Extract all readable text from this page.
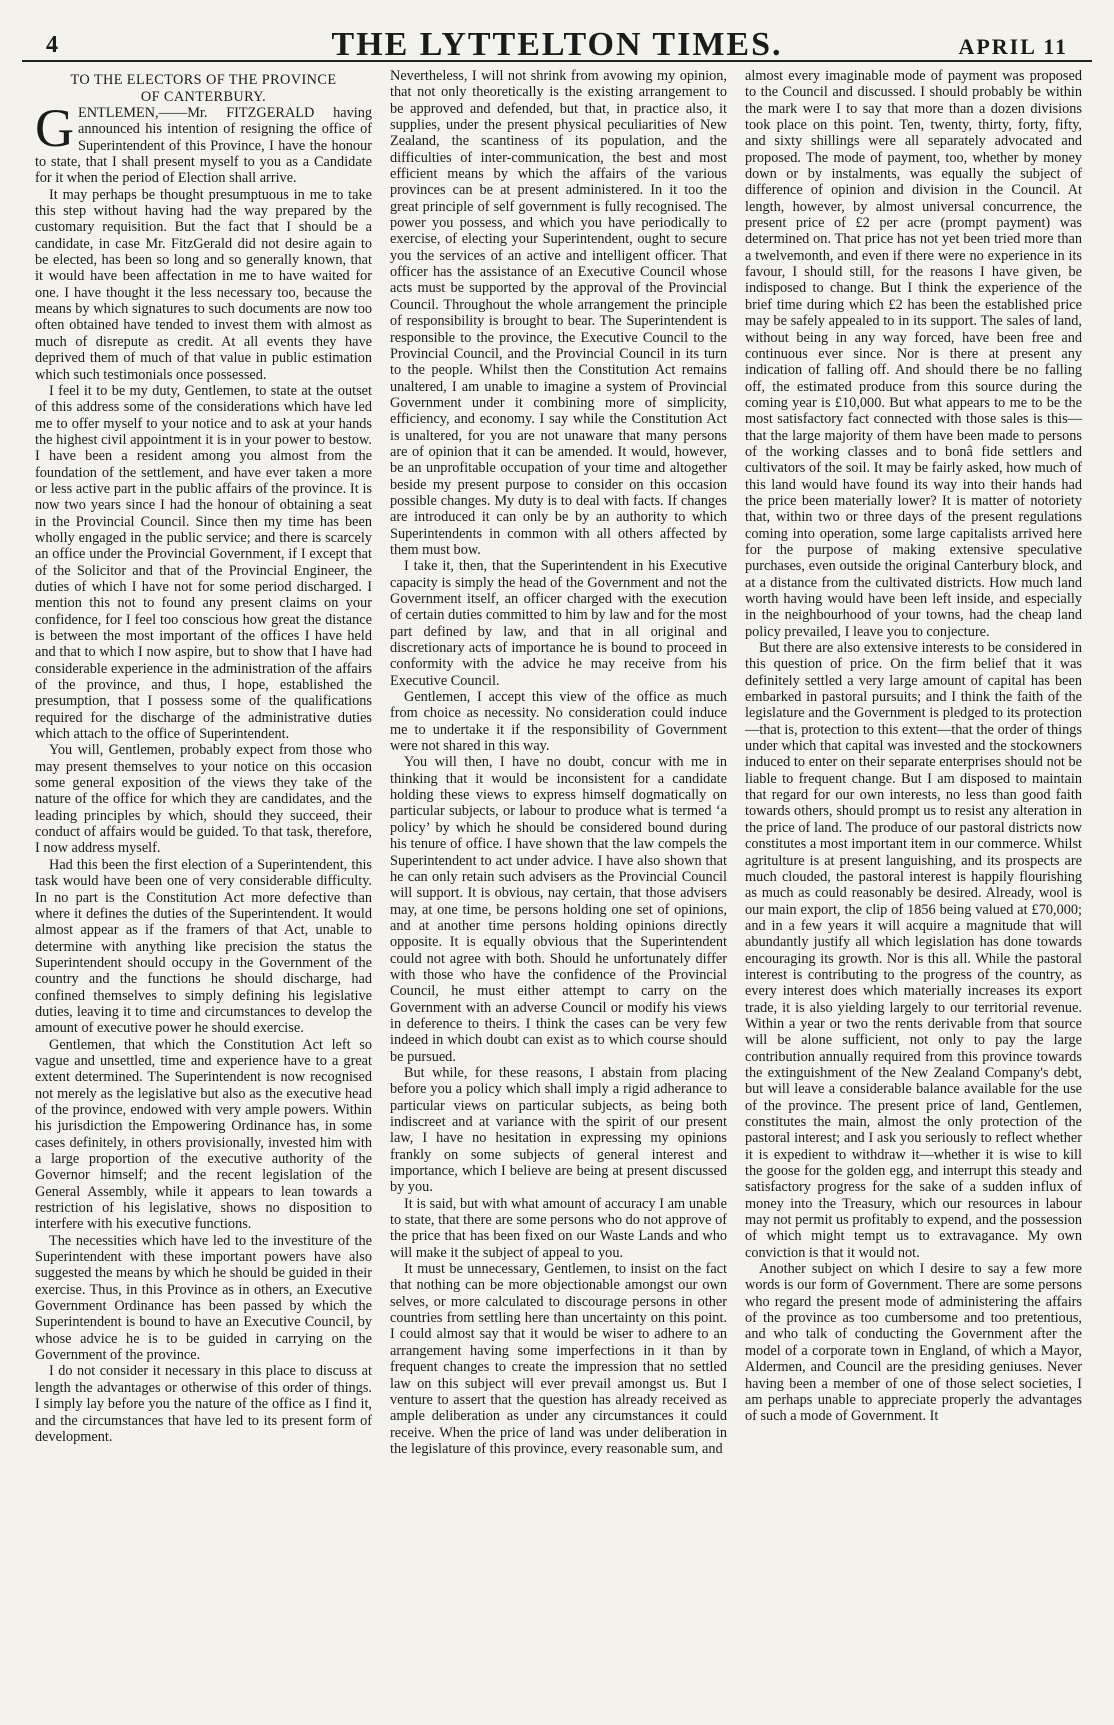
4	THE LYTTELTON TIMES.	APRIL 11
TO THE ELECTORS OF THE PROVINCE
OF CANTERBURY.

GENTLEMEN,——Mr. FITZGERALD having announced his intention of resigning the office of Superintendent of this Province, I have the honour to state, that I shall present myself to you as a Candidate for it when the period of Election shall arrive.

It may perhaps be thought presumptuous in me to take this step without having had the way prepared by the customary requisition. But the fact that I should be a candidate, in case Mr. FitzGerald did not desire again to be elected, has been so long and so generally known, that it would have been affectation in me to have waited for one. I have thought it the less necessary too, because the means by which signatures to such documents are now too often obtained have tended to invest them with almost as much of disrepute as credit. At all events they have deprived them of much of that value in public estimation which such testimonials once possessed.

I feel it to be my duty, Gentlemen, to state at the outset of this address some of the considerations which have led me to offer myself to your notice and to ask at your hands the highest civil appointment it is in your power to bestow. I have been a resident among you almost from the foundation of the settlement, and have ever taken a more or less active part in the public affairs of the province. It is now two years since I had the honour of obtaining a seat in the Provincial Council. Since then my time has been wholly engaged in the public service; and there is scarcely an office under the Provincial Government, if I except that of the Solicitor and that of the Provincial Engineer, the duties of which I have not for some period discharged. I mention this not to found any present claims on your confidence, for I feel too conscious how great the distance is between the most important of the offices I have held and that to which I now aspire, but to show that I have had considerable experience in the administration of the affairs of the province, and thus, I hope, established the presumption, that I possess some of the qualifications required for the discharge of the administrative duties which attach to the office of Superintendent.

You will, Gentlemen, probably expect from those who may present themselves to your notice on this occasion some general exposition of the views they take of the nature of the office for which they are candidates, and the leading principles by which, should they succeed, their conduct of affairs would be guided. To that task, therefore, I now address myself.

Had this been the first election of a Superintendent, this task would have been one of very considerable difficulty. In no part is the Constitution Act more defective than where it defines the duties of the Superintendent. It would almost appear as if the framers of that Act, unable to determine with anything like precision the status the Superintendent should occupy in the Government of the country and the functions he should discharge, had confined themselves to simply defining his legislative duties, leaving it to time and circumstances to develop the amount of executive power he should exercise.

Gentlemen, that which the Constitution Act left so vague and unsettled, time and experience have to a great extent determined. The Superintendent is now recognised not merely as the legislative but also as the executive head of the province, endowed with very ample powers. Within his jurisdiction the Empowering Ordinance has, in some cases definitely, in others provisionally, invested him with a large proportion of the executive authority of the Governor himself; and the recent legislation of the General Assembly, while it appears to lean towards a restriction of his legislative, shows no disposition to interfere with his executive functions.

The necessities which have led to the investiture of the Superintendent with these important powers have also suggested the means by which he should be guided in their exercise. Thus, in this Province as in others, an Executive Government Ordinance has been passed by which the Superintendent is bound to have an Executive Council, by whose advice he is to be guided in carrying on the Government of the province.

I do not consider it necessary in this place to discuss at length the advantages or otherwise of this order of things. I simply lay before you the nature of the office as I find it, and the circumstances that have led to its present form of development.

Nevertheless, I will not shrink from avowing my opinion, that not only theoretically is the existing arrangement to be approved and defended, but that, in practice also, it supplies, under the present physical peculiarities of New Zealand, the scantiness of its population, and the difficulties of inter-communication, the best and most efficient means by which the affairs of the various provinces can be at present administered. In it too the great principle of self government is fully recognised. The power you possess, and which you have periodically to exercise, of electing your Superintendent, ought to secure you the services of an active and intelligent officer. That officer has the assistance of an Executive Council whose acts must be supported by the approval of the Provincial Council. Throughout the whole arrangement the principle of responsibility is brought to bear. The Superintendent is responsible to the province, the Executive Council to the Provincial Council, and the Provincial Council in its turn to the people. Whilst then the Constitution Act remains unaltered, I am unable to imagine a system of Provincial Government under it combining more of simplicity, efficiency, and economy. I say while the Constitution Act is unaltered, for you are not unaware that many persons are of opinion that it can be amended. It would, however, be an unprofitable occupation of your time and altogether beside my present purpose to consider on this occasion possible changes. My duty is to deal with facts. If changes are introduced it can only be by an authority to which Superintendents in common with all others affected by them must bow.

I take it, then, that the Superintendent in his Executive capacity is simply the head of the Government and not the Government itself, an officer charged with the execution of certain duties committed to him by law and for the most part defined by law, and that in all original and discretionary acts of importance he is bound to proceed in conformity with the advice he may receive from his Executive Council.

Gentlemen, I accept this view of the office as much from choice as necessity. No consideration could induce me to undertake it if the responsibility of Government were not shared in this way.

You will then, I have no doubt, concur with me in thinking that it would be inconsistent for a candidate holding these views to express himself dogmatically on particular subjects, or labour to produce what is termed ‘a policy’ by which he should be considered bound during his tenure of office. I have shown that the law compels the Superintendent to act under advice. I have also shown that he can only retain such advisers as the Provincial Council will support. It is obvious, nay certain, that those advisers may, at one time, be persons holding one set of opinions, and at another time persons holding opinions directly opposite. It is equally obvious that the Superintendent could not agree with both. Should he unfortunately differ with those who have the confidence of the Provincial Council, he must either attempt to carry on the Government with an adverse Council or modify his views in deference to theirs. I think the cases can be very few indeed in which doubt can exist as to which course should be pursued.

But while, for these reasons, I abstain from placing before you a policy which shall imply a rigid adherance to particular views on particular subjects, as being both indiscreet and at variance with the spirit of our present law, I have no hesitation in expressing my opinions frankly on some subjects of general interest and importance, which I believe are being at present discussed by you.

It is said, but with what amount of accuracy I am unable to state, that there are some persons who do not approve of the price that has been fixed on our Waste Lands and who will make it the subject of appeal to you.

It must be unnecessary, Gentlemen, to insist on the fact that nothing can be more objectionable amongst our own selves, or more calculated to discourage persons in other countries from settling here than uncertainty on this point. I could almost say that it would be wiser to adhere to an arrangement having some imperfections in it than by frequent changes to create the impression that no settled law on this subject will ever prevail amongst us. But I venture to assert that the question has already received as ample deliberation as under any circumstances it could receive. When the price of land was under deliberation in the legislature of this province, every reasonable sum, and

almost every imaginable mode of payment was proposed to the Council and discussed. I should probably be within the mark were I to say that more than a dozen divisions took place on this point. Ten, twenty, thirty, forty, fifty, and sixty shillings were all separately advocated and proposed. The mode of payment, too, whether by money down or by instalments, was equally the subject of difference of opinion and division in the Council. At length, however, by almost universal concurrence, the present price of £2 per acre (prompt payment) was determined on. That price has not yet been tried more than a twelvemonth, and even if there were no experience in its favour, I should still, for the reasons I have given, be indisposed to change. But I think the experience of the brief time during which £2 has been the established price may be safely appealed to in its support. The sales of land, without being in any way forced, have been free and continuous ever since. Nor is there at present any indication of falling off. And should there be no falling off, the estimated produce from this source during the coming year is £10,000. But what appears to me to be the most satisfactory fact connected with those sales is this—that the large majority of them have been made to persons of the working classes and to bonâ fide settlers and cultivators of the soil. It may be fairly asked, how much of this land would have found its way into their hands had the price been materially lower? It is matter of notoriety that, within two or three days of the present regulations coming into operation, some large capitalists arrived here for the purpose of making extensive speculative purchases, even outside the original Canterbury block, and at a distance from the cultivated districts. How much land worth having would have been left inside, and especially in the neighbourhood of your towns, had the cheap land policy prevailed, I leave you to conjecture.

But there are also extensive interests to be considered in this question of price. On the firm belief that it was definitely settled a very large amount of capital has been embarked in pastoral pursuits; and I think the faith of the legislature and the Government is pledged to its protection—that is, protection to this extent—that the order of things under which that capital was invested and the stockowners induced to enter on their separate enterprises should not be liable to frequent change. But I am disposed to maintain that regard for our own interests, no less than good faith towards others, should prompt us to resist any alteration in the price of land. The produce of our pastoral districts now constitutes a most important item in our commerce. Whilst agritulture is at present languishing, and its prospects are much clouded, the pastoral interest is happily flourishing as much as could reasonably be desired. Already, wool is our main export, the clip of 1856 being valued at £70,000; and in a few years it will acquire a magnitude that will abundantly justify all which legislation has done towards encouraging its growth. Nor is this all. While the pastoral interest is contributing to the progress of the country, as every interest does which materially increases its export trade, it is also yielding largely to our territorial revenue. Within a year or two the rents derivable from that source will be alone sufficient, not only to pay the large contribution annually required from this province towards the extinguishment of the New Zealand Company's debt, but will leave a considerable balance available for the use of the province. The present price of land, Gentlemen, constitutes the main, almost the only protection of the pastoral interest; and I ask you seriously to reflect whether it is expedient to withdraw it—whether it is wise to kill the goose for the golden egg, and interrupt this steady and satisfactory progress for the sake of a sudden influx of money into the Treasury, which our resources in labour may not permit us profitably to expend, and the possession of which might tempt us to extravagance. My own conviction is that it would not.

Another subject on which I desire to say a few more words is our form of Government. There are some persons who regard the present mode of administering the affairs of the province as too cumbersome and too pretentious, and who talk of conducting the Government after the model of a corporate town in England, of which a Mayor, Aldermen, and Council are the presiding geniuses. Never having been a member of one of those select societies, I am perhaps unable to appreciate properly the advantages of such a mode of Government. It
